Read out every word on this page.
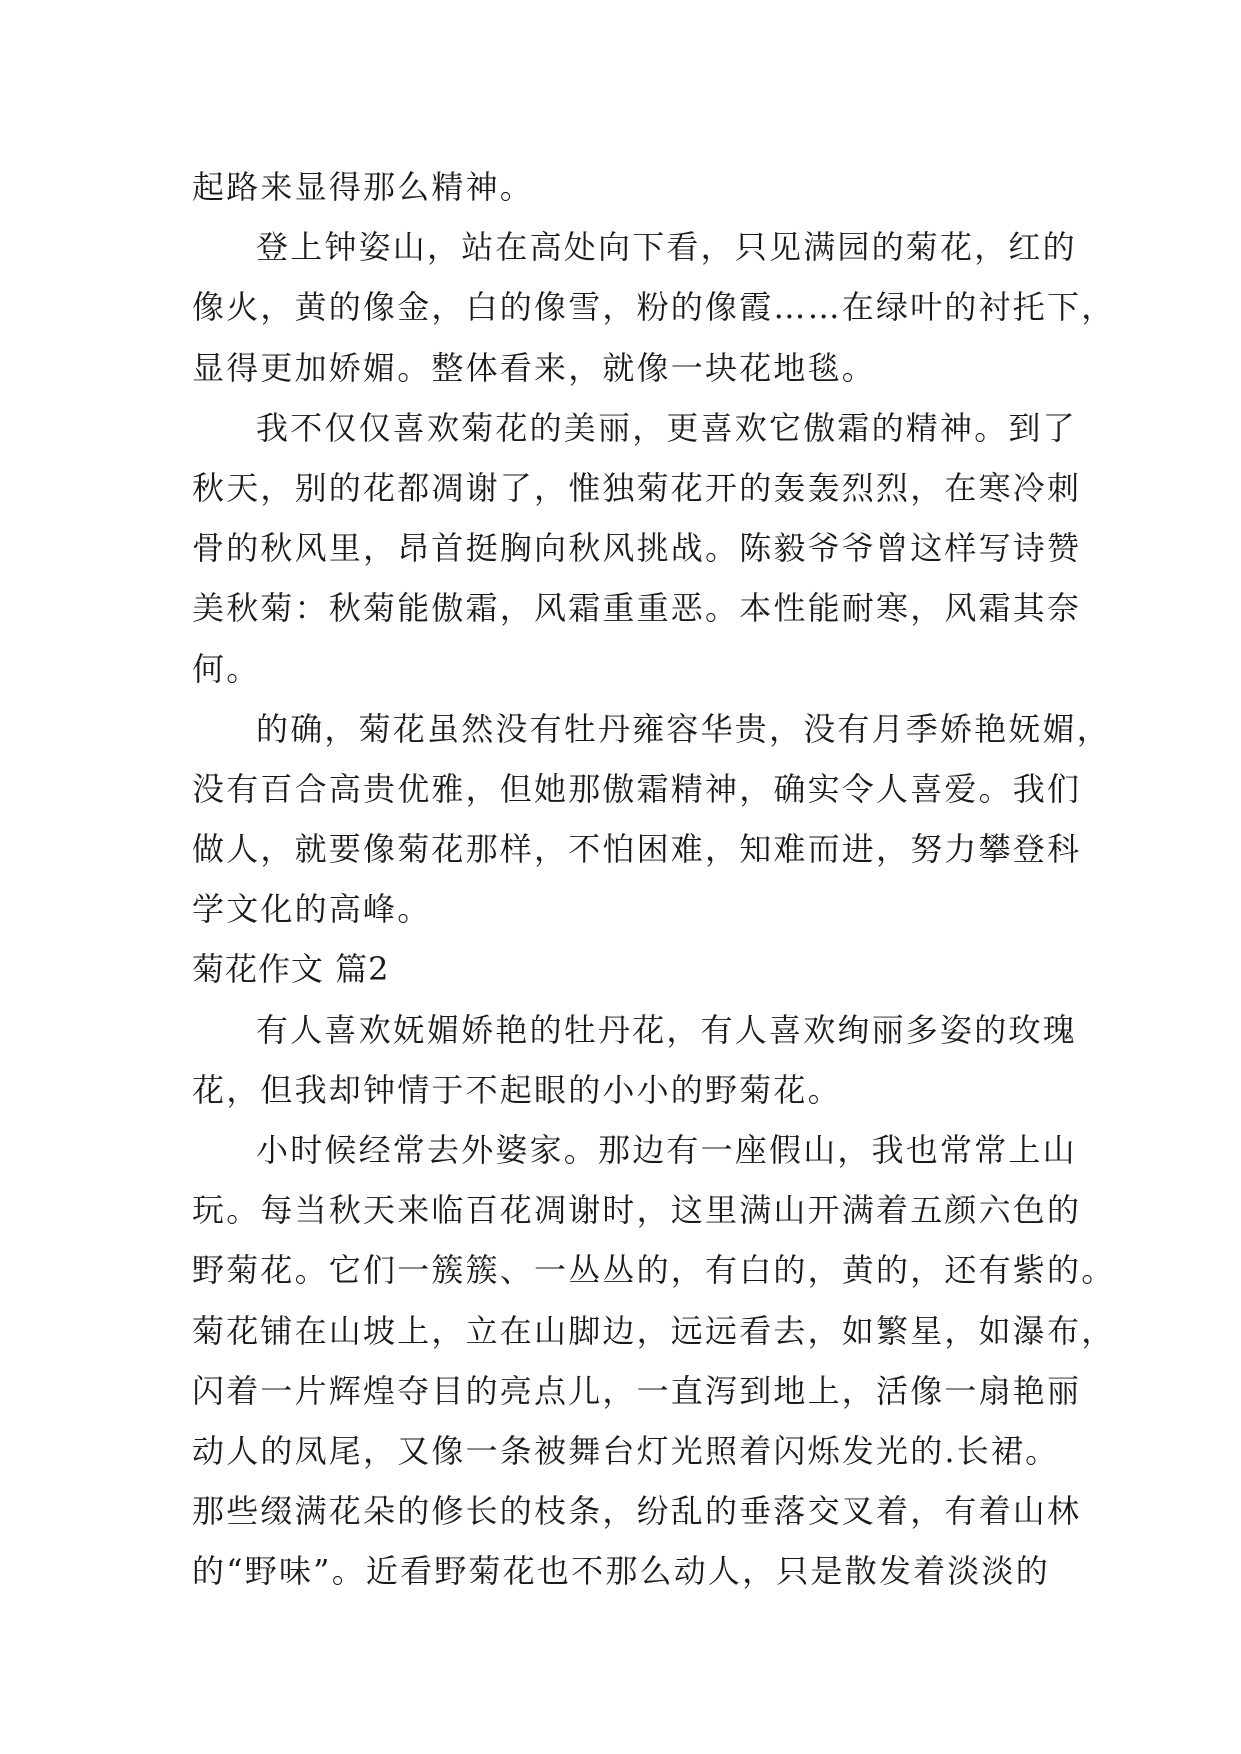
起路来显得那么精神。
登上钟姿山，站在高处向下看，只见满园的菊花，红的
像火，黄的像金，白的像雪，粉的像霞……在绿叶的衬托下，
显得更加娇媚。整体看来，就像一块花地毯。
我不仅仅喜欢菊花的美丽，更喜欢它傲霜的精神。到了
秋天，别的花都凋谢了，惟独菊花开的轰轰烈烈，在寒冷刺
骨的秋风里，昂首挺胸向秋风挑战。陈毅爷爷曾这样写诗赞
美秋菊：秋菊能傲霜，风霜重重恶。本性能耐寒，风霜其奈
何。
的确，菊花虽然没有牡丹雍容华贵，没有月季娇艳妩媚，
没有百合高贵优雅，但她那傲霜精神，确实令人喜爱。我们
做人，就要像菊花那样，不怕困难，知难而进，努力攀登科
学文化的高峰。
菊花作文 篇2
有人喜欢妩媚娇艳的牡丹花，有人喜欢绚丽多姿的玫瑰
花，但我却钟情于不起眼的小小的野菊花。
小时候经常去外婆家。那边有一座假山，我也常常上山
玩。每当秋天来临百花凋谢时，这里满山开满着五颜六色的
野菊花。它们一簇簇、一丛丛的，有白的，黄的，还有紫的。
菊花铺在山坡上，立在山脚边，远远看去，如繁星，如瀑布，
闪着一片辉煌夺目的亮点儿，一直泻到地上，活像一扇艳丽
动人的凤尾，又像一条被舞台灯光照着闪烁发光的.长裙。
那些缀满花朵的修长的枝条，纷乱的垂落交叉着，有着山林
的“野味”。近看野菊花也不那么动人，只是散发着淡淡的
